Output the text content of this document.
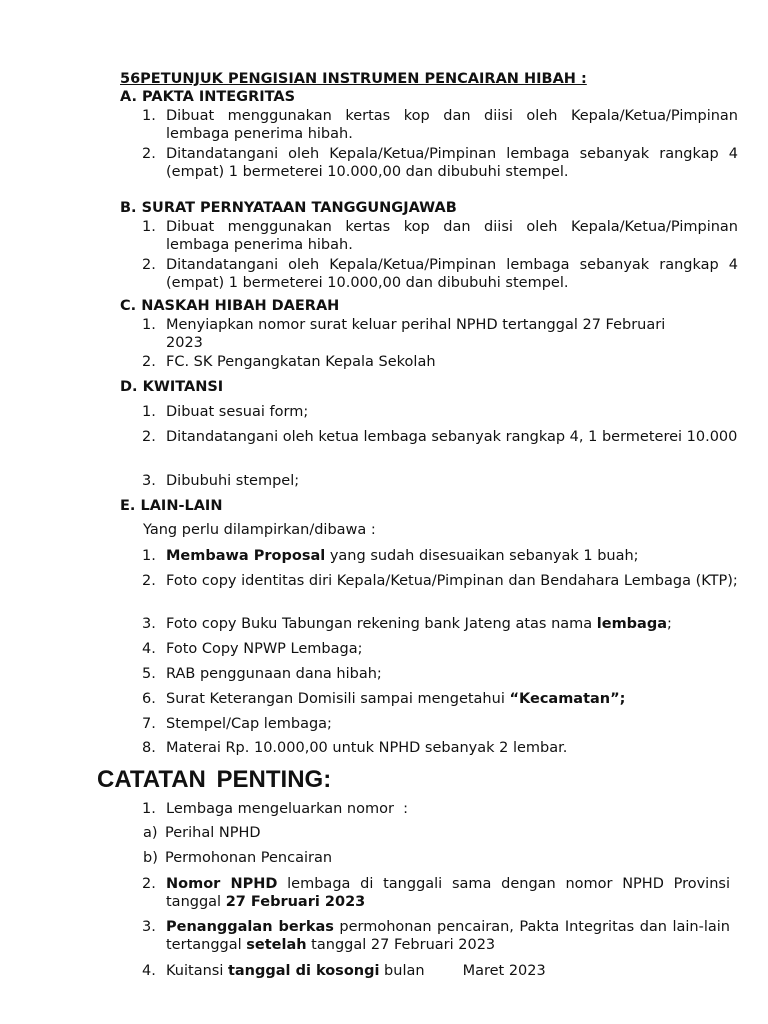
56PETUNJUK PENGISIAN INSTRUMEN PENCAIRAN HIBAH :
A. PAKTA INTEGRITAS
1. Dibuat menggunakan kertas kop dan diisi oleh Kepala/Ketua/Pimpinan lembaga penerima hibah.
2. Ditandatangani oleh Kepala/Ketua/Pimpinan lembaga sebanyak rangkap 4 (empat) 1 bermeterei 10.000,00 dan dibubuhi stempel.
B. SURAT PERNYATAAN TANGGUNGJAWAB
1. Dibuat menggunakan kertas kop dan diisi oleh Kepala/Ketua/Pimpinan lembaga penerima hibah.
2. Ditandatangani oleh Kepala/Ketua/Pimpinan lembaga sebanyak rangkap 4 (empat) 1 bermeterei 10.000,00 dan dibubuhi stempel.
C. NASKAH HIBAH DAERAH
1. Menyiapkan nomor surat keluar perihal NPHD tertanggal 27 Februari 2023
2. FC. SK Pengangkatan Kepala Sekolah
D. KWITANSI
1. Dibuat sesuai form;
2. Ditandatangani oleh ketua lembaga sebanyak rangkap 4, 1 bermeterei 10.000
3. Dibubuhi stempel;
E. LAIN-LAIN
Yang perlu dilampirkan/dibawa :
1. Membawa Proposal yang sudah disesuaikan sebanyak 1 buah;
2. Foto copy identitas diri Kepala/Ketua/Pimpinan dan Bendahara Lembaga (KTP);
3. Foto copy Buku Tabungan rekening bank Jateng atas nama lembaga;
4. Foto Copy NPWP Lembaga;
5. RAB penggunaan dana hibah;
6. Surat Keterangan Domisili sampai mengetahui “Kecamatan”;
7. Stempel/Cap lembaga;
8. Materai Rp. 10.000,00 untuk NPHD sebanyak 2 lembar.
CATATAN PENTING:
1. Lembaga mengeluarkan nomor  :
a) Perihal NPHD
b) Permohonan Pencairan
2. Nomor NPHD lembaga di tanggali sama dengan nomor NPHD Provinsi tanggal 27 Februari 2023
3. Penanggalan berkas permohonan pencairan, Pakta Integritas dan lain-lain tertanggal setelah tanggal 27 Februari 2023
4. Kuitansi tanggal di kosongi bulan	Maret 2023
